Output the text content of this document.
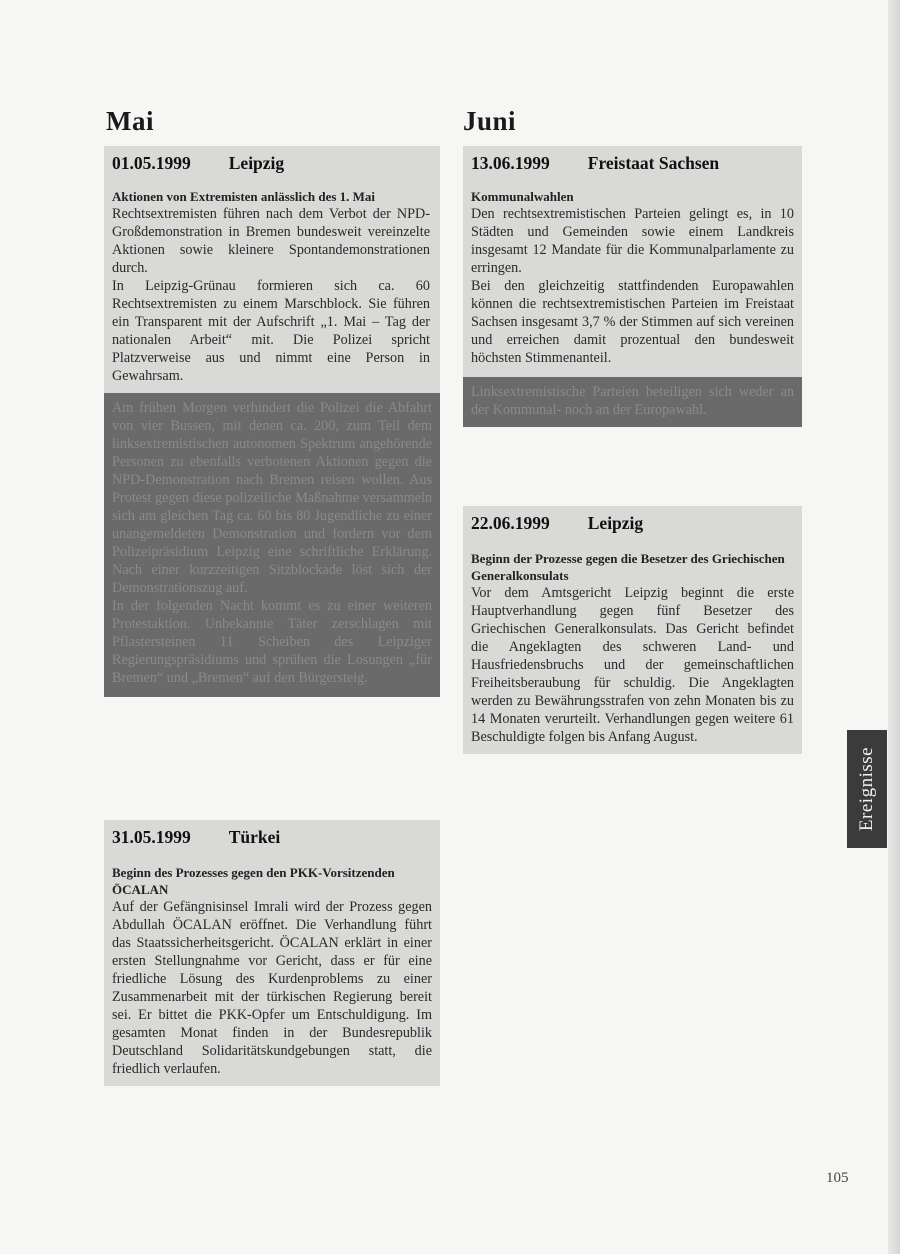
Mai	Juni
01.05.1999 Leipzig

Aktionen von Extremisten anlässlich des 1. Mai

Rechtsextremisten führen nach dem Verbot der NPD-Großdemonstration in Bremen bundesweit vereinzelte Aktionen sowie kleinere Spontandemonstrationen durch.

In Leipzig-Grünau formieren sich ca. 60 Rechtsextremisten zu einem Marschblock. Sie führen ein Transparent mit der Aufschrift „1. Mai – Tag der nationalen Arbeit“ mit. Die Polizei spricht Platzverweise aus und nimmt eine Person in Gewahrsam.

Am frühen Morgen verhindert die Polizei die Abfahrt von vier Bussen, mit denen ca. 200, zum Teil dem linksextremistischen autonomen Spektrum angehörende Personen zu ebenfalls verbotenen Aktionen gegen die NPD-Demonstration nach Bremen reisen wollen. Aus Protest gegen diese polizeiliche Maßnahme versammeln sich am gleichen Tag ca. 60 bis 80 Jugendliche zu einer unangemeldeten Demonstration und fordern vor dem Polizeipräsidium Leipzig eine schriftliche Erklärung. Nach einer kurzzeitigen Sitzblockade löst sich der Demonstrationszug auf.

In der folgenden Nacht kommt es zu einer weiteren Protestaktion. Unbekannte Täter zerschlagen mit Pflastersteinen 11 Scheiben des Leipziger Regierungspräsidiums und sprühen die Losungen „für Bremen“ und „Bremen“ auf den Bürgersteig.

13.06.1999 Freistaat Sachsen

Kommunalwahlen

Den rechtsextremistischen Parteien gelingt es, in 10 Städten und Gemeinden sowie einem Landkreis insgesamt 12 Mandate für die Kommunalparlamente zu erringen.

Bei den gleichzeitig stattfindenden Europawahlen können die rechtsextremistischen Parteien im Freistaat Sachsen insgesamt 3,7 % der Stimmen auf sich vereinen und erreichen damit prozentual den bundesweit höchsten Stimmenanteil.

Linksextremistische Parteien beteiligen sich weder an der Kommunal- noch an der Europawahl.

22.06.1999 Leipzig

Beginn der Prozesse gegen die Besetzer des Griechischen Generalkonsulats

Vor dem Amtsgericht Leipzig beginnt die erste Hauptverhandlung gegen fünf Besetzer des Griechischen Generalkonsulats. Das Gericht befindet die Angeklagten des schweren Land- und Hausfriedensbruchs und der gemeinschaftlichen Freiheitsberaubung für schuldig. Die Angeklagten werden zu Bewährungsstrafen von zehn Monaten bis zu 14 Monaten verurteilt. Verhandlungen gegen weitere 61 Beschuldigte folgen bis Anfang August.

31.05.1999 Türkei

Beginn des Prozesses gegen den PKK-Vorsitzenden ÖCALAN

Auf der Gefängnisinsel Imrali wird der Prozess gegen Abdullah ÖCALAN eröffnet. Die Verhandlung führt das Staatssicherheitsgericht. ÖCALAN erklärt in einer ersten Stellungnahme vor Gericht, dass er für eine friedliche Lösung des Kurdenproblems zu einer Zusammenarbeit mit der türkischen Regierung bereit sei. Er bittet die PKK-Opfer um Entschuldigung. Im gesamten Monat finden in der Bundesrepublik Deutschland Solidaritätskundgebungen statt, die friedlich verlaufen.

Ereignisse
105
